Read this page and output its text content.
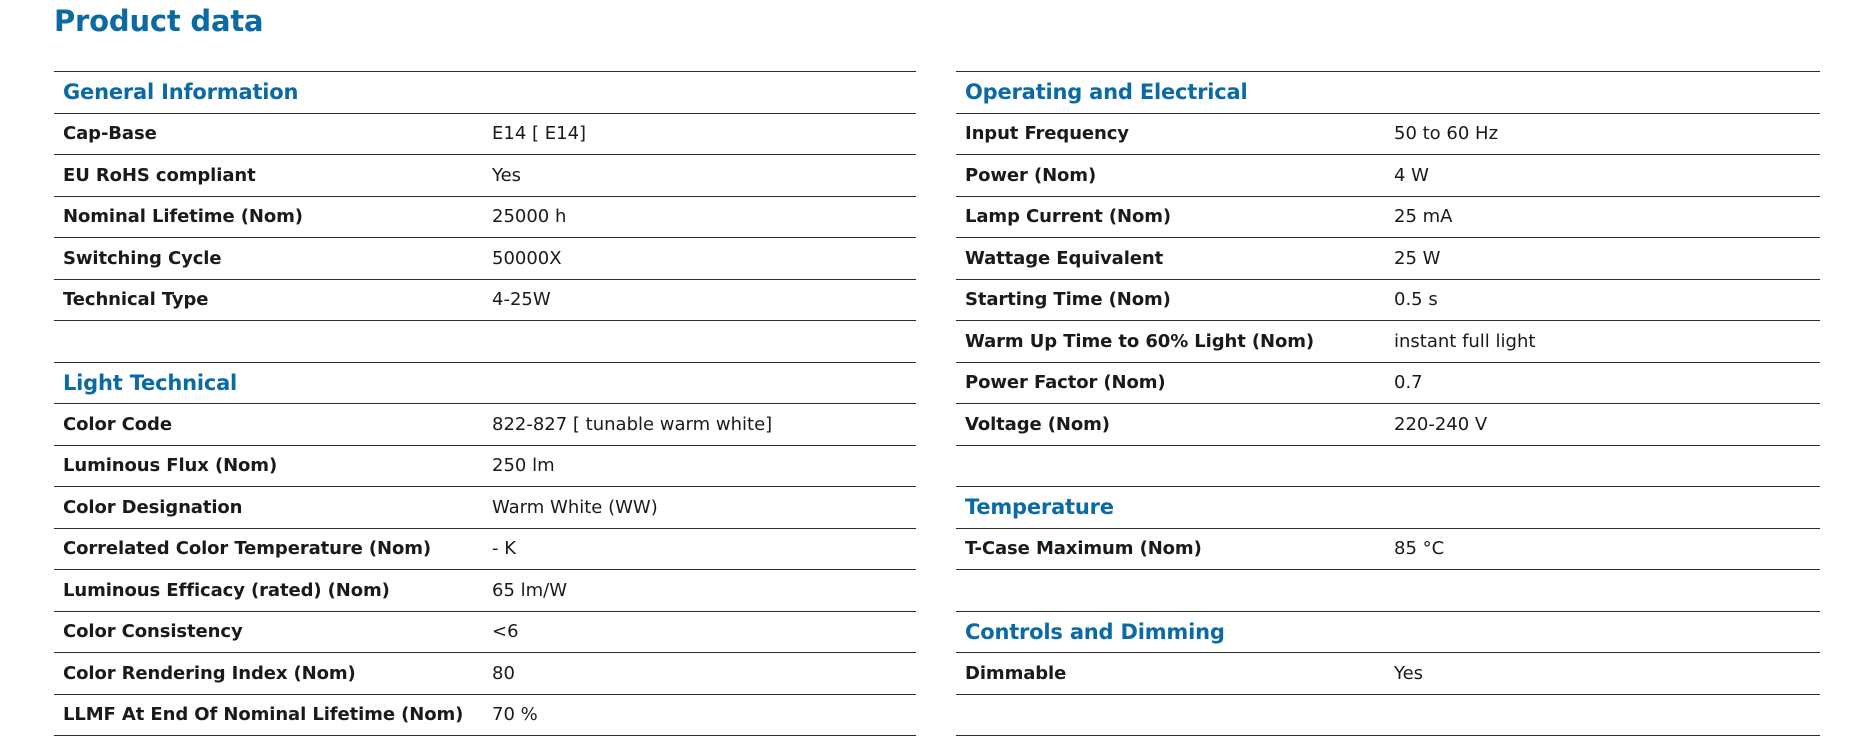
Product data
General Information
Cap-Base	E14 [ E14]
EU RoHS compliant	Yes
Nominal Lifetime (Nom)	25000 h
Switching Cycle	50000X
Technical Type	4-25W
Light Technical
Color Code	822-827 [ tunable warm white]
Luminous Flux (Nom)	250 lm
Color Designation	Warm White (WW)
Correlated Color Temperature (Nom)	- K
Luminous Efficacy (rated) (Nom)	65 lm/W
Color Consistency	<6
Color Rendering Index (Nom)	80
LLMF At End Of Nominal Lifetime (Nom) 70 %
Operating and Electrical
Input Frequency	50 to 60 Hz
Power (Nom)	4 W
Lamp Current (Nom)	25 mA
Wattage Equivalent	25 W
Starting Time (Nom)	0.5 s
Warm Up Time to 60% Light (Nom)	instant full light
Power Factor (Nom)	0.7
Voltage (Nom)	220-240 V
Temperature
T-Case Maximum (Nom)	85 °C
Controls and Dimming
Dimmable	Yes
